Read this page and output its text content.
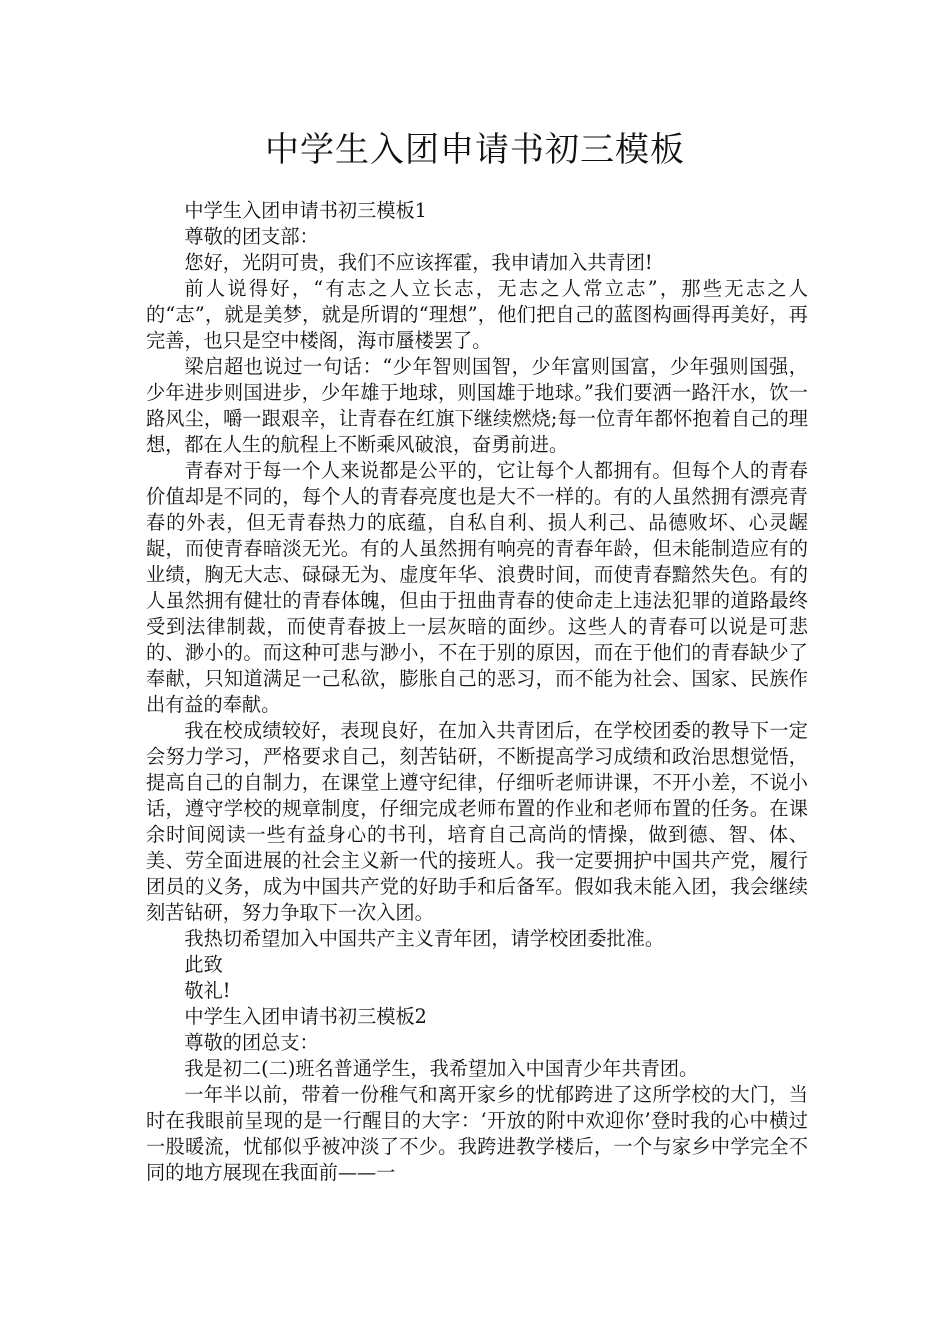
中学生入团申请书初三模板

中学生入团申请书初三模板1

尊敬的团支部：

您好，光阴可贵，我们不应该挥霍，我申请加入共青团!

前人说得好，“有志之人立长志，无志之人常立志”，那些无志之人的“志”，就是美梦，就是所谓的“理想”，他们把自己的蓝图构画得再美好，再完善，也只是空中楼阁，海市蜃楼罢了。

梁启超也说过一句话：“少年智则国智，少年富则国富，少年强则国强，少年进步则国进步，少年雄于地球，则国雄于地球。”我们要洒一路汗水，饮一路风尘，嚼一跟艰辛，让青春在红旗下继续燃烧;每一位青年都怀抱着自己的理想，都在人生的航程上不断乘风破浪，奋勇前进。

青春对于每一个人来说都是公平的，它让每个人都拥有。但每个人的青春价值却是不同的，每个人的青春亮度也是大不一样的。有的人虽然拥有漂亮青春的外表，但无青春热力的底蕴，自私自利、损人利己、品德败坏、心灵龌龊，而使青春暗淡无光。有的人虽然拥有响亮的青春年龄，但未能制造应有的业绩，胸无大志、碌碌无为、虚度年华、浪费时间，而使青春黯然失色。有的人虽然拥有健壮的青春体魄，但由于扭曲青春的使命走上违法犯罪的道路最终受到法律制裁，而使青春披上一层灰暗的面纱。这些人的青春可以说是可悲的、渺小的。而这种可悲与渺小，不在于别的原因，而在于他们的青春缺少了奉献，只知道满足一己私欲，膨胀自己的恶习，而不能为社会、国家、民族作出有益的奉献。

我在校成绩较好，表现良好，在加入共青团后，在学校团委的教导下一定会努力学习，严格要求自己，刻苦钻研，不断提高学习成绩和政治思想觉悟，提高自己的自制力，在课堂上遵守纪律，仔细听老师讲课，不开小差，不说小话，遵守学校的规章制度，仔细完成老师布置的作业和老师布置的任务。在课余时间阅读一些有益身心的书刊，培育自己高尚的情操，做到德、智、体、美、劳全面进展的社会主义新一代的接班人。我一定要拥护中国共产党，履行团员的义务，成为中国共产党的好助手和后备军。假如我未能入团，我会继续刻苦钻研，努力争取下一次入团。

我热切希望加入中国共产主义青年团，请学校团委批准。

此致

敬礼!

中学生入团申请书初三模板2

尊敬的团总支：

我是初二(二)班名普通学生，我希望加入中国青少年共青团。

一年半以前，带着一份稚气和离开家乡的忧郁跨进了这所学校的大门，当时在我眼前呈现的是一行醒目的大字：‘开放的附中欢迎你’登时我的心中横过一股暖流，忧郁似乎被冲淡了不少。我跨进教学楼后，一个与家乡中学完全不同的地方展现在我面前——一
